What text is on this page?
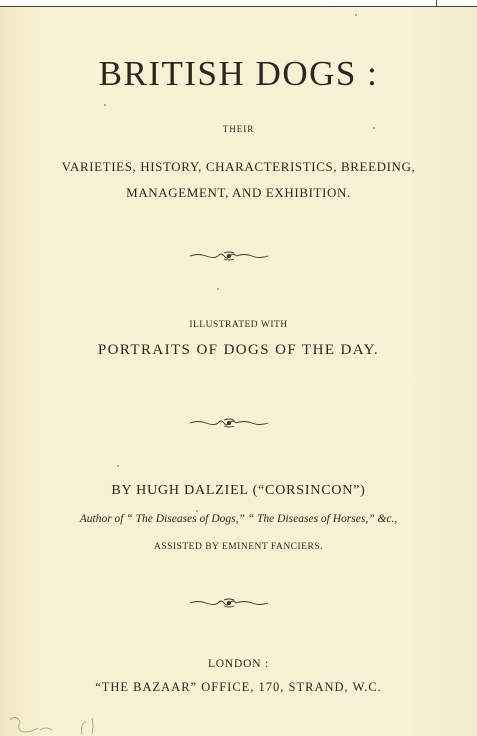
BRITISH DOGS :
THEIR
VARIETIES, HISTORY, CHARACTERISTICS, BREEDING,
MANAGEMENT, AND EXHIBITION.
ILLUSTRATED WITH
PORTRAITS OF DOGS OF THE DAY.
BY HUGH DALZIEL (“CORSINCON”)
Author of “ The Diseases of Dogs,” “ The Diseases of Horses,” &c.,
ASSISTED BY EMINENT FANCIERS.
LONDON :
“THE BAZAAR” OFFICE, 170, STRAND, W.C.
